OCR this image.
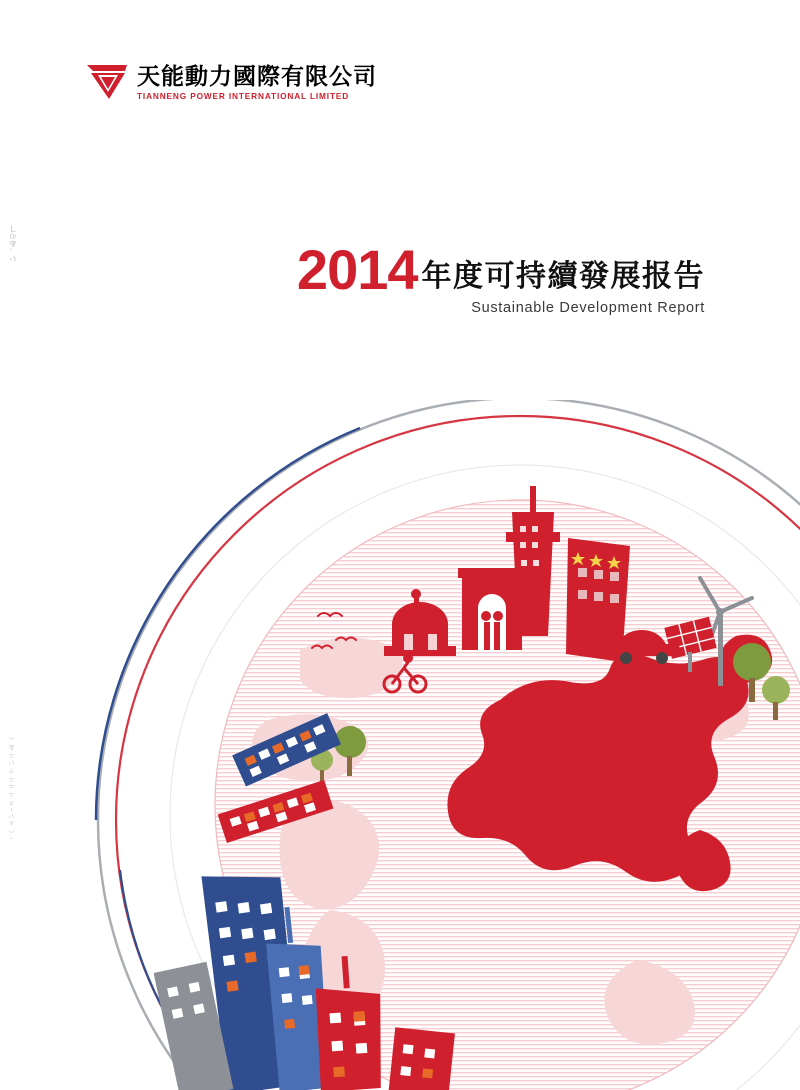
い゛ゐのヿ
ヽハ ルいーエ ニ ニニ ツ いニ ゐ ハ
天能動力國際有限公司
TIANNENG POWER INTERNATIONAL LIMITED
2014 年度可持續發展报告
Sustainable Development Report
